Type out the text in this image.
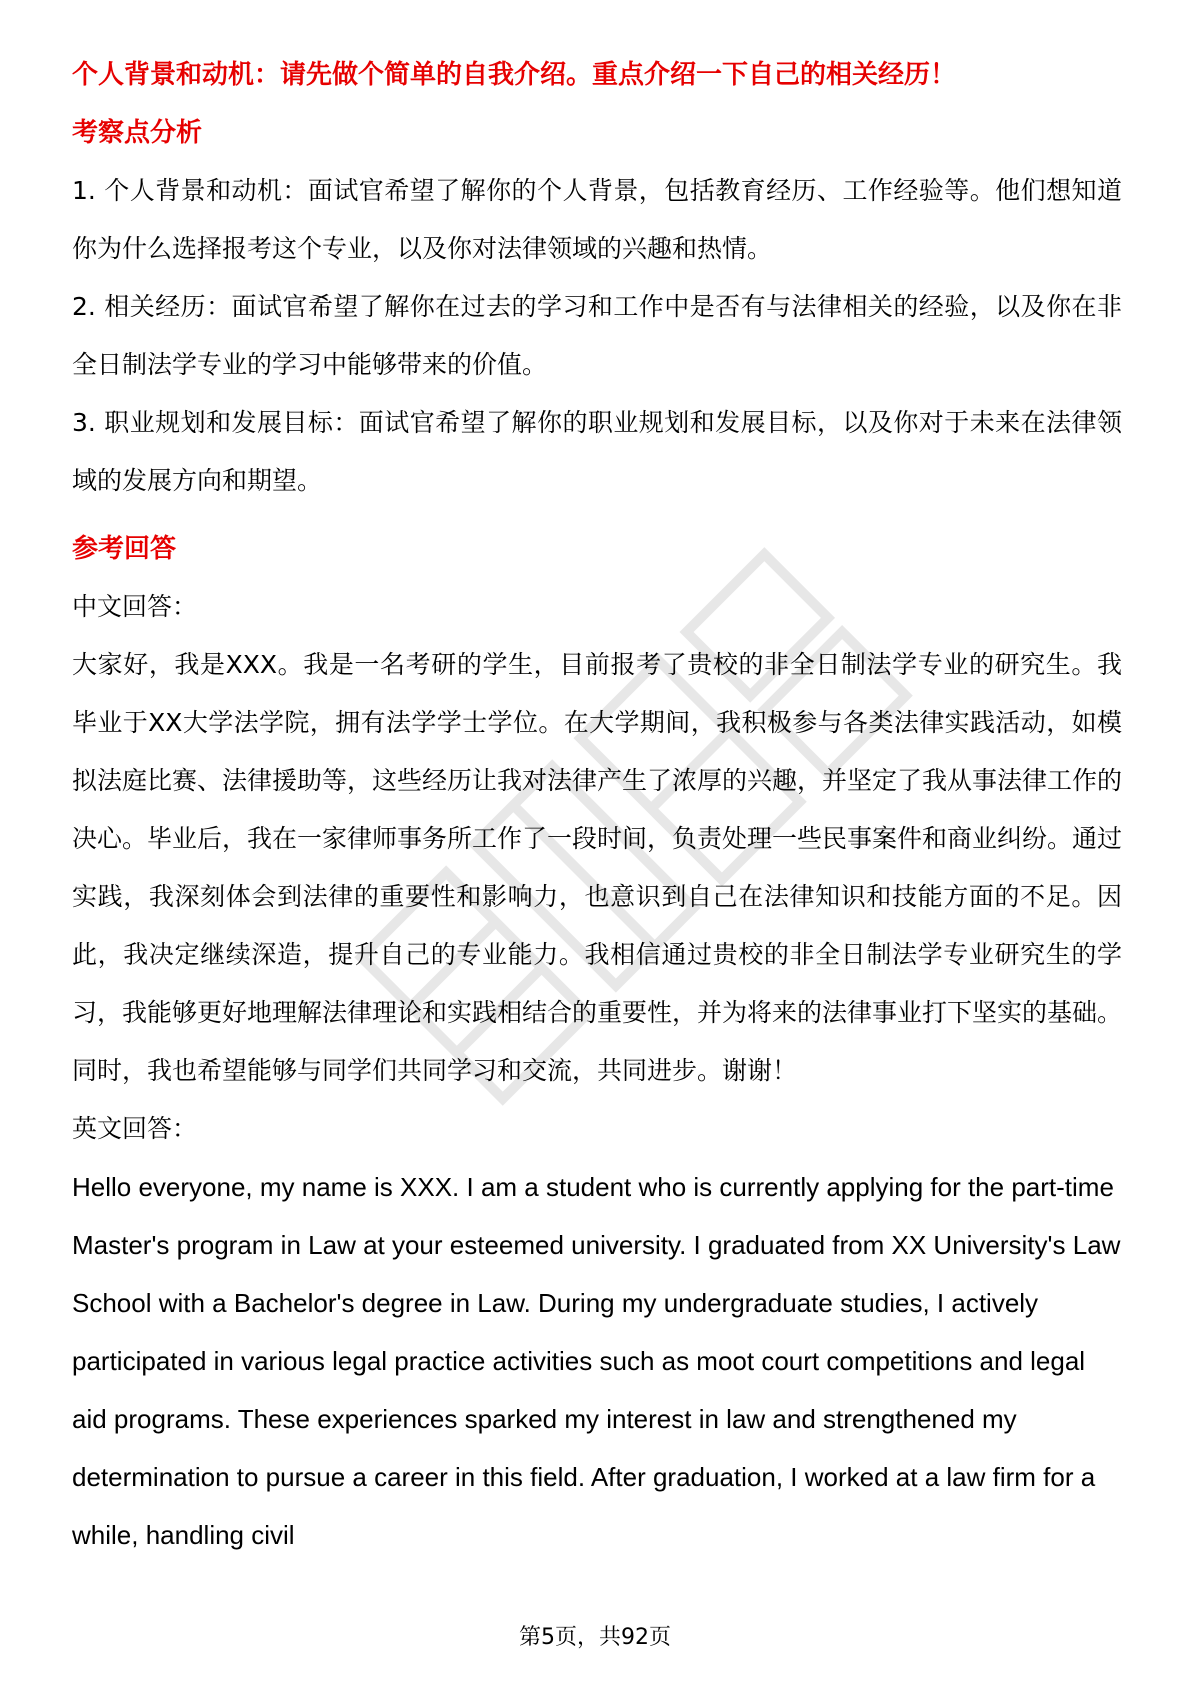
个人背景和动机：请先做个简单的自我介绍。重点介绍一下自己的相关经历！

考察点分析

1. 个人背景和动机：面试官希望了解你的个人背景，包括教育经历、工作经验等。他们想知道你为什么选择报考这个专业，以及你对法律领域的兴趣和热情。

2. 相关经历：面试官希望了解你在过去的学习和工作中是否有与法律相关的经验，以及你在非全日制法学专业的学习中能够带来的价值。

3. 职业规划和发展目标：面试官希望了解你的职业规划和发展目标，以及你对于未来在法律领域的发展方向和期望。

参考回答

中文回答：

大家好，我是XXX。我是一名考研的学生，目前报考了贵校的非全日制法学专业的研究生。我毕业于XX大学法学院，拥有法学学士学位。在大学期间，我积极参与各类法律实践活动，如模拟法庭比赛、法律援助等，这些经历让我对法律产生了浓厚的兴趣，并坚定了我从事法律工作的决心。毕业后，我在一家律师事务所工作了一段时间，负责处理一些民事案件和商业纠纷。通过实践，我深刻体会到法律的重要性和影响力，也意识到自己在法律知识和技能方面的不足。因此，我决定继续深造，提升自己的专业能力。我相信通过贵校的非全日制法学专业研究生的学习，我能够更好地理解法律理论和实践相结合的重要性，并为将来的法律事业打下坚实的基础。同时，我也希望能够与同学们共同学习和交流，共同进步。谢谢！

英文回答：

Hello everyone, my name is XXX. I am a student who is currently applying for the part-time Master's program in Law at your esteemed university. I graduated from XX University's Law School with a Bachelor's degree in Law. During my undergraduate studies, I actively participated in various legal practice activities such as moot court competitions and legal aid programs. These experiences sparked my interest in law and strengthened my determination to pursue a career in this field. After graduation, I worked at a law firm for a while, handling civil

第5页，共92页
